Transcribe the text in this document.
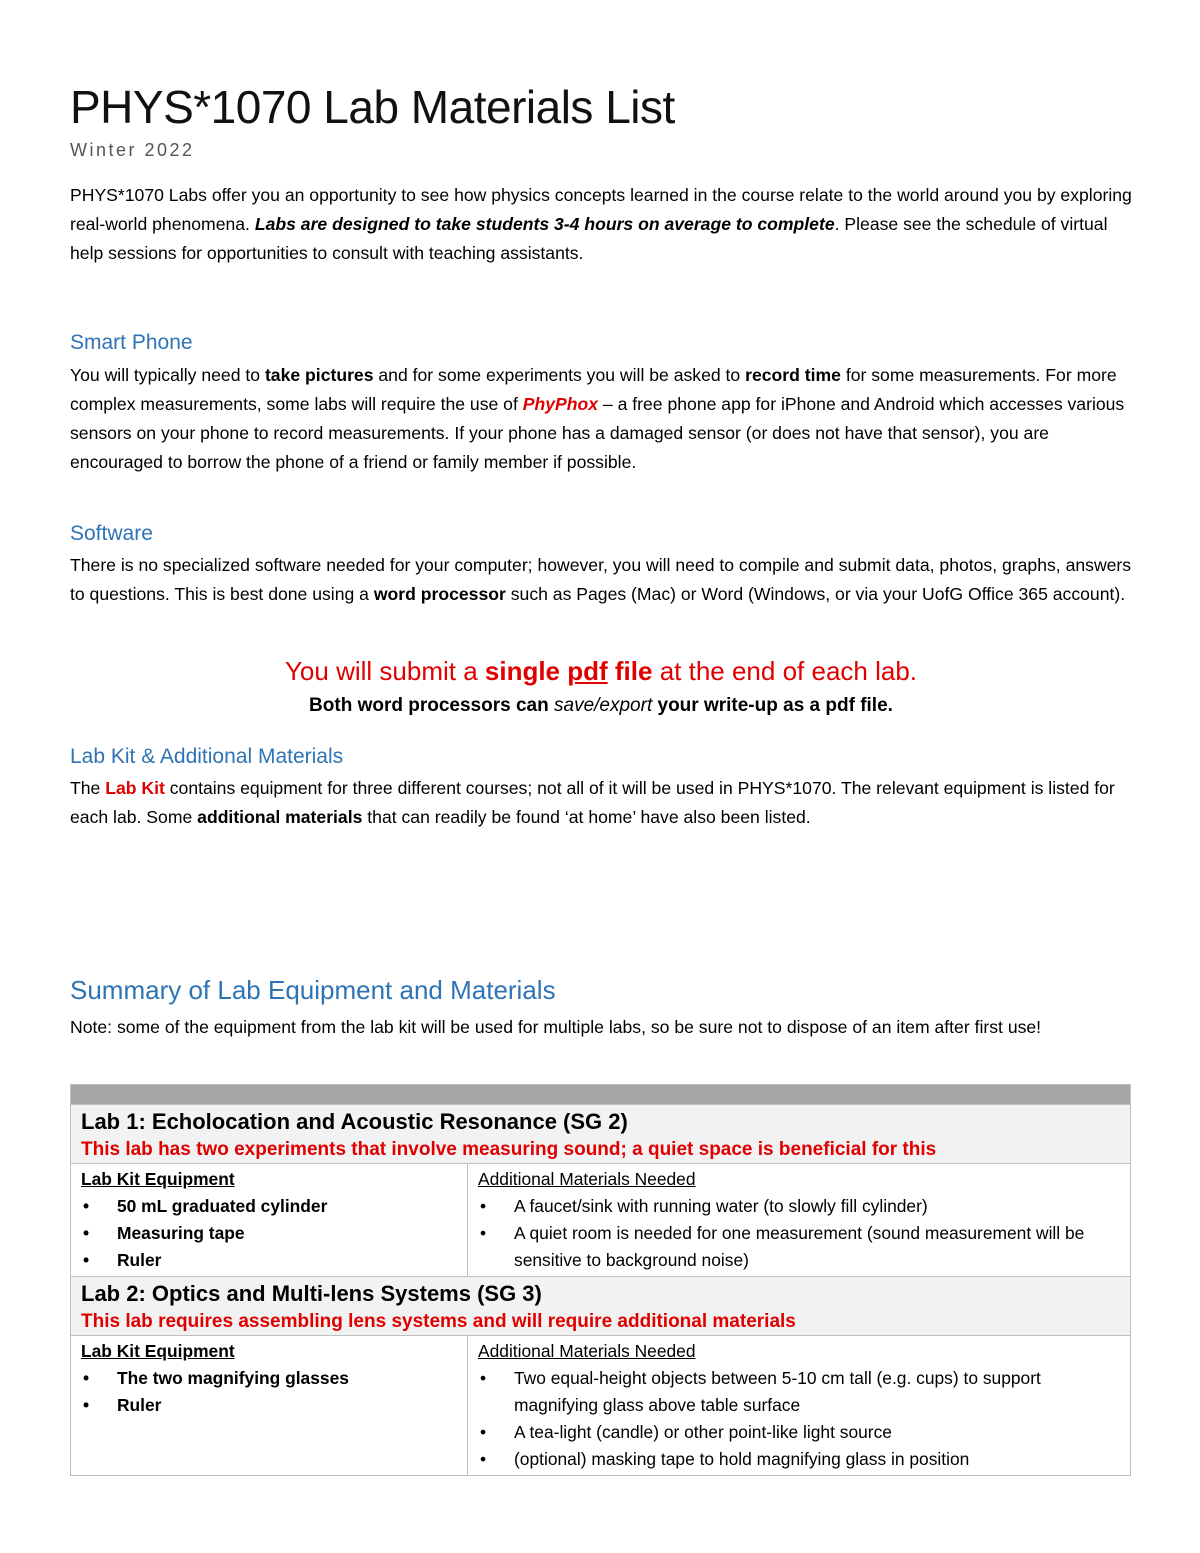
PHYS*1070 Lab Materials List

Winter 2022

PHYS*1070 Labs offer you an opportunity to see how physics concepts learned in the course relate to the world around you by exploring real-world phenomena. Labs are designed to take students 3-4 hours on average to complete. Please see the schedule of virtual help sessions for opportunities to consult with teaching assistants.

Smart Phone

You will typically need to take pictures and for some experiments you will be asked to record time for some measurements. For more complex measurements, some labs will require the use of PhyPhox – a free phone app for iPhone and Android which accesses various sensors on your phone to record measurements. If your phone has a damaged sensor (or does not have that sensor), you are encouraged to borrow the phone of a friend or family member if possible.

Software

There is no specialized software needed for your computer; however, you will need to compile and submit data, photos, graphs, answers to questions. This is best done using a word processor such as Pages (Mac) or Word (Windows, or via your UofG Office 365 account).

You will submit a single pdf file at the end of each lab.

Both word processors can save/export your write-up as a pdf file.

Lab Kit & Additional Materials

The Lab Kit contains equipment for three different courses; not all of it will be used in PHYS*1070. The relevant equipment is listed for each lab. Some additional materials that can readily be found ‘at home’ have also been listed.

Summary of Lab Equipment and Materials

Note: some of the equipment from the lab kit will be used for multiple labs, so be sure not to dispose of an item after first use!

Lab 1: Echolocation and Acoustic Resonance (SG 2)
This lab has two experiments that involve measuring sound; a quiet space is beneficial for this
Lab Kit Equipment
• 50 mL graduated cylinder
• Measuring tape
• Ruler
Additional Materials Needed
• A faucet/sink with running water (to slowly fill cylinder)
• A quiet room is needed for one measurement (sound measurement will be sensitive to background noise)
Lab 2: Optics and Multi-lens Systems (SG 3)
This lab requires assembling lens systems and will require additional materials
Lab Kit Equipment
• The two magnifying glasses
• Ruler
Additional Materials Needed
• Two equal-height objects between 5-10 cm tall (e.g. cups) to support magnifying glass above table surface
• A tea-light (candle) or other point-like light source
• (optional) masking tape to hold magnifying glass in position
